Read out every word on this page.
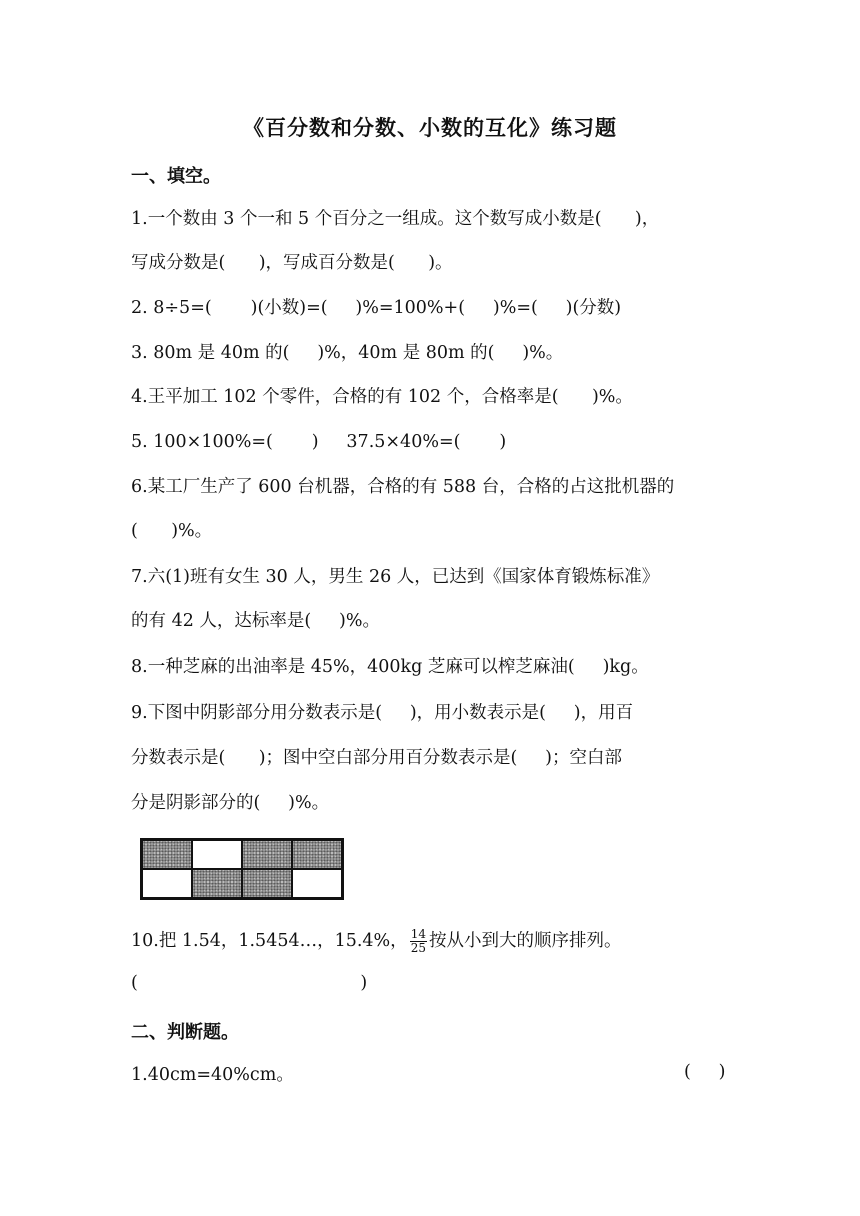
《百分数和分数、小数的互化》练习题
一、填空。
1.一个数由 3 个一和 5 个百分之一组成。这个数写成小数是(      )，
写成分数是(      )，写成百分数是(      )。
2. 8÷5=(       )(小数)=(     )%=100%+(     )%=(     )(分数)
3. 80m 是 40m 的(     )%，40m 是 80m 的(     )%。
4.王平加工 102 个零件，合格的有 102 个，合格率是(      )%。
5. 100×100%=(       )     37.5×40%=(       )
6.某工厂生产了 600 台机器，合格的有 588 台，合格的占这批机器的
(      )%。
7.六(1)班有女生 30 人，男生 26 人，已达到《国家体育锻炼标准》
的有 42 人，达标率是(     )%。
8.一种芝麻的出油率是 45%，400kg 芝麻可以榨芝麻油(     )kg。
9.下图中阴影部分用分数表示是(     )，用小数表示是(     )，用百
分数表示是(      )；图中空白部分用百分数表示是(     )；空白部
分是阴影部分的(     )%。
10.把 1.54，1.5454…，15.4%， $\frac{14}{25}$ 按从小到大的顺序排列。
(                                        )
二、判断题。
1.40cm=40%cm。	(     )
